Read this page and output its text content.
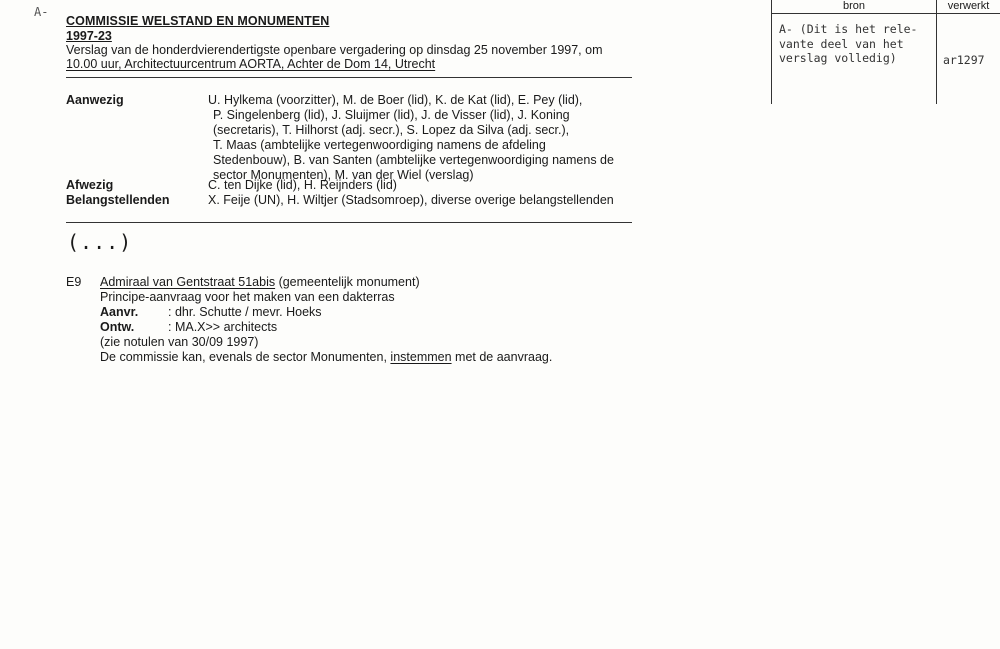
A-
COMMISSIE WELSTAND EN MONUMENTEN
1997-23
Verslag van de honderdvierendertigste openbare vergadering op dinsdag 25 november 1997, om
10.00 uur, Architectuurcentrum AORTA, Achter de Dom 14, Utrecht
Aanwezig	U. Hylkema (voorzitter), M. de Boer (lid), K. de Kat (lid), E. Pey (lid),
P. Singelenberg (lid), J. Sluijmer (lid), J. de Visser (lid), J. Koning
(secretaris), T. Hilhorst (adj. secr.), S. Lopez da Silva (adj. secr.),
T. Maas (ambtelijke vertegenwoordiging namens de afdeling
Stedenbouw), B. van Santen (ambtelijke vertegenwoordiging namens de
sector Monumenten), M. van der Wiel (verslag)
Afwezig	C. ten Dijke (lid), H. Reijnders (lid)
Belangstellenden	X. Feije (UN), H. Wiltjer (Stadsomroep), diverse overige belangstellenden
(...)
E9 Admiraal van Gentstraat 51abis (gemeentelijk monument)
Principe-aanvraag voor het maken van een dakterras
Aanvr.	: dhr. Schutte / mevr. Hoeks
Ontw.	: MA.X>> architects
(zie notulen van 30/09 1997)
De commissie kan, evenals de sector Monumenten, instemmen met de aanvraag.
bron	verwerkt
A- (Dit is het rele-
vante deel van het
verslag volledig)	ar1297
